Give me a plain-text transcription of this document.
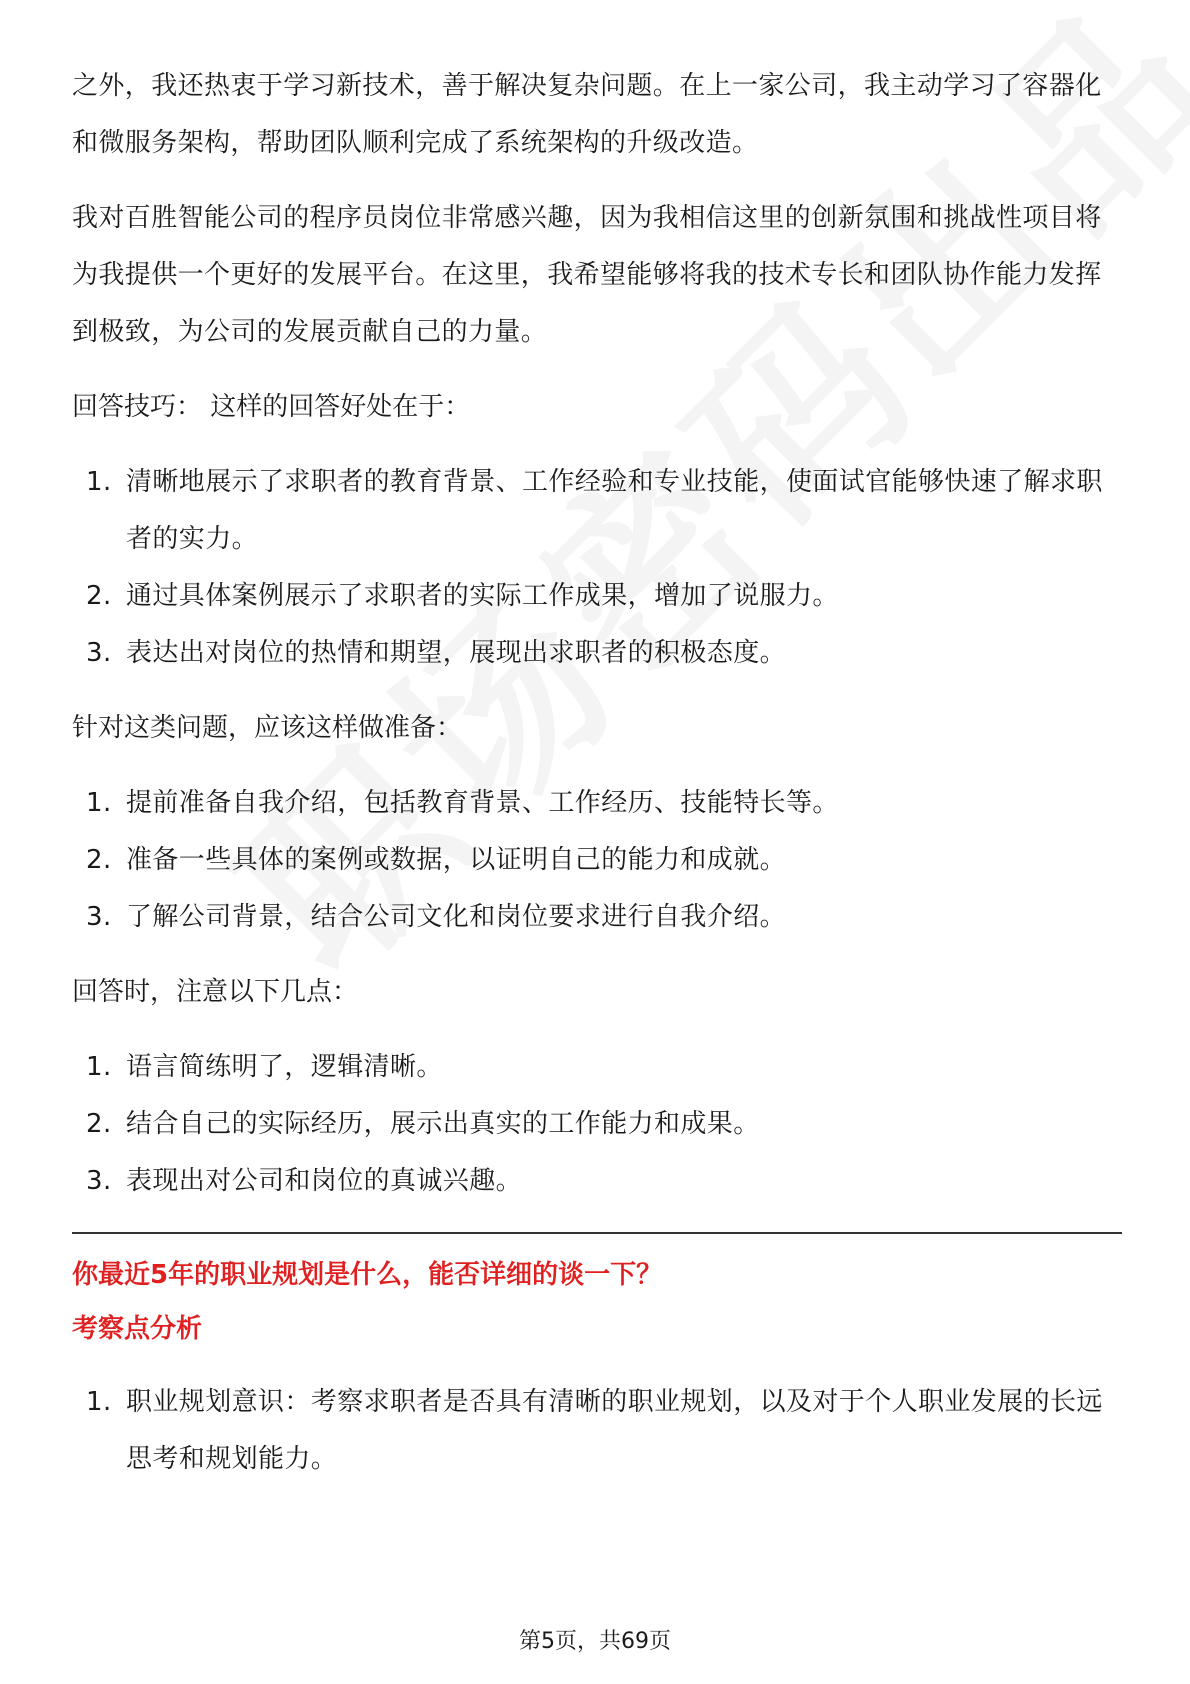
之外，我还热衷于学习新技术，善于解决复杂问题。在上一家公司，我主动学习了容器化和微服务架构，帮助团队顺利完成了系统架构的升级改造。

我对百胜智能公司的程序员岗位非常感兴趣，因为我相信这里的创新氛围和挑战性项目将为我提供一个更好的发展平台。在这里，我希望能够将我的技术专长和团队协作能力发挥到极致，为公司的发展贡献自己的力量。

回答技巧： 这样的回答好处在于：

1. 清晰地展示了求职者的教育背景、工作经验和专业技能，使面试官能够快速了解求职者的实力。
2. 通过具体案例展示了求职者的实际工作成果，增加了说服力。
3. 表达出对岗位的热情和期望，展现出求职者的积极态度。

针对这类问题，应该这样做准备：

1. 提前准备自我介绍，包括教育背景、工作经历、技能特长等。
2. 准备一些具体的案例或数据，以证明自己的能力和成就。
3. 了解公司背景，结合公司文化和岗位要求进行自我介绍。

回答时，注意以下几点：

1. 语言简练明了，逻辑清晰。
2. 结合自己的实际经历，展示出真实的工作能力和成果。
3. 表现出对公司和岗位的真诚兴趣。

你最近5年的职业规划是什么，能否详细的谈一下？

考察点分析

1. 职业规划意识：考察求职者是否具有清晰的职业规划，以及对于个人职业发展的长远思考和规划能力。
第5页，共69页
